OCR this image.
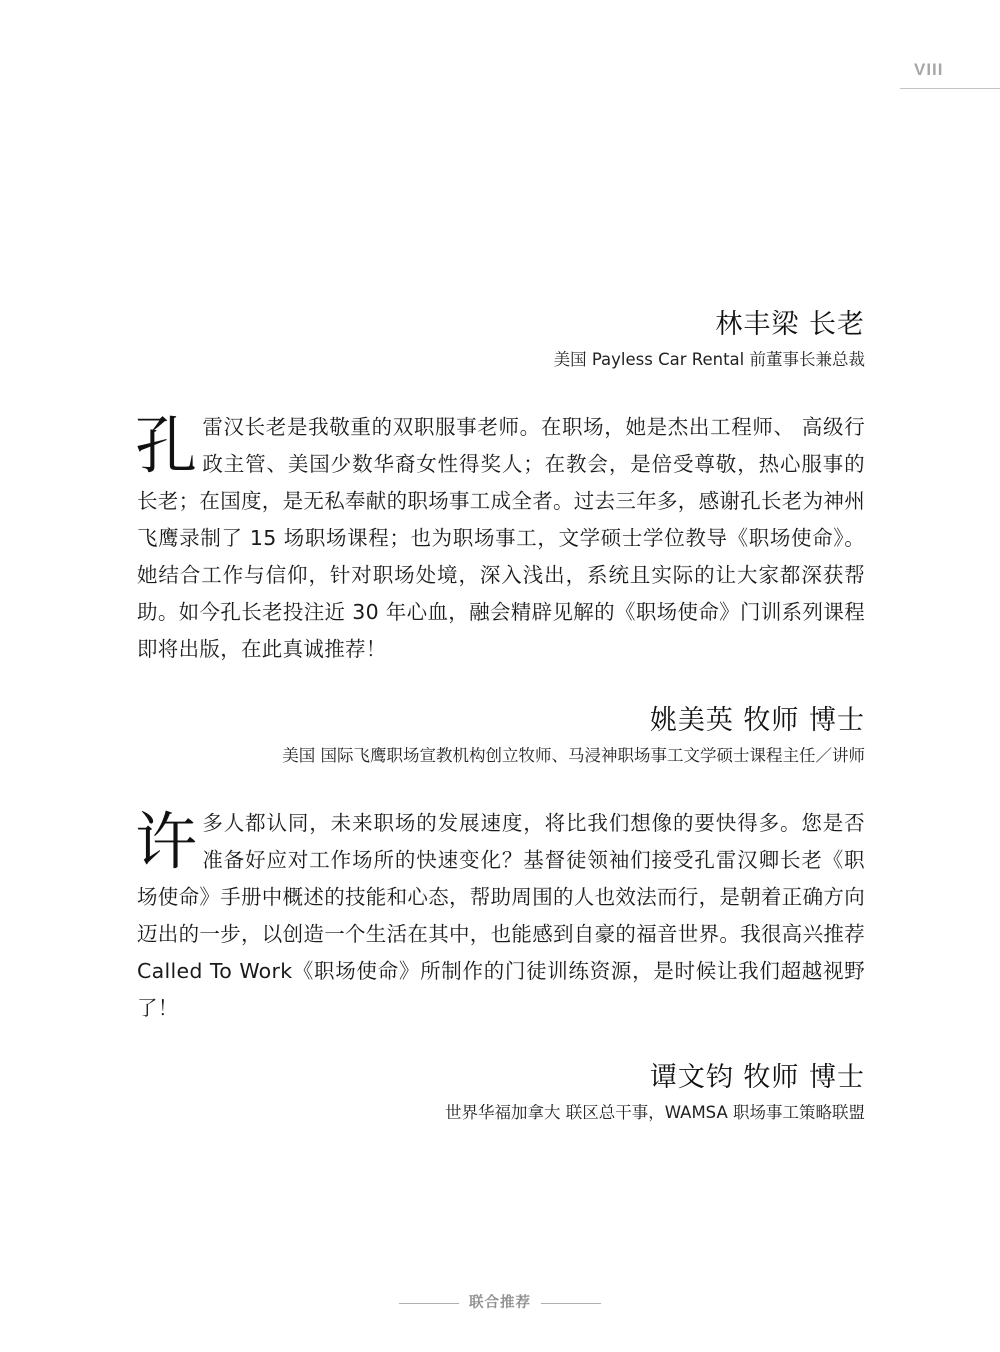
VIII
林丰梁 长老
美国 Payless Car Rental 前董事长兼总裁
孔雷汉长老是我敬重的双职服事老师。在职场，她是杰出工程师、 高级行政主管、美国少数华裔女性得奖人；在教会，是倍受尊敬，热心服事的长老；在国度，是无私奉献的职场事工成全者。过去三年多，感谢孔长老为神州飞鹰录制了 15 场职场课程；也为职场事工，文学硕士学位教导《职场使命》。她结合工作与信仰，针对职场处境，深入浅出，系统且实际的让大家都深获帮助。如今孔长老投注近 30 年心血，融会精辟见解的《职场使命》门训系列课程即将出版，在此真诚推荐！
姚美英 牧师 博士
美国 国际飞鹰职场宣教机构创立牧师、马浸神职场事工文学硕士课程主任／讲师
许多人都认同，未来职场的发展速度，将比我们想像的要快得多。您是否准备好应对工作场所的快速变化？基督徒领袖们接受孔雷汉卿长老《职场使命》手册中概述的技能和心态，帮助周围的人也效法而行，是朝着正确方向迈出的一步，以创造一个生活在其中，也能感到自豪的福音世界。我很高兴推荐 Called To Work《职场使命》所制作的门徒训练资源，是时候让我们超越视野了！
谭文钧 牧师 博士
世界华福加拿大 联区总干事，WAMSA 职场事工策略联盟
联合推荐
